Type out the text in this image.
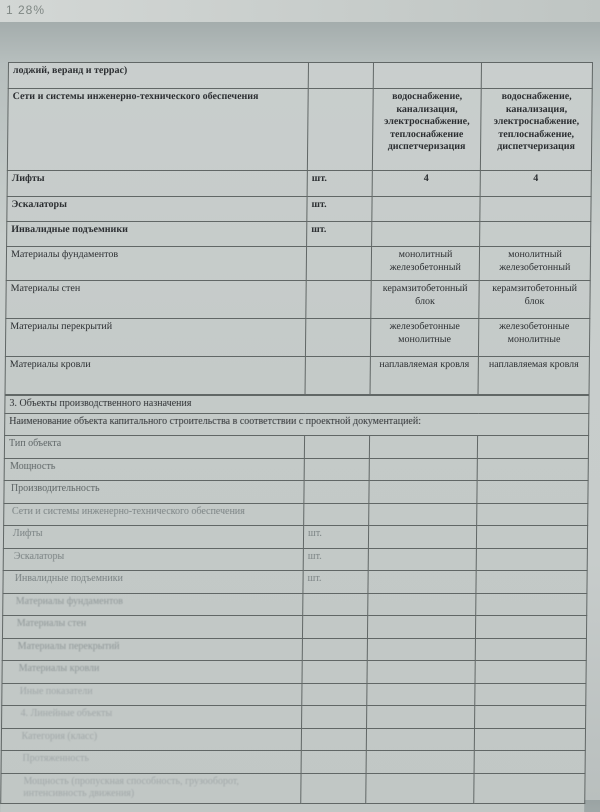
1 28%
лоджий, веранд и террас)			
Сети и системы инженерно-технического обеспечения		водоснабжение, канализация, электроснабжение, теплоснабжение диспетчеризация	водоснабжение, канализация, электроснабжение, теплоснабжение, диспетчеризация
Лифты	шт.	4	4
Эскалаторы	шт.		
Инвалидные подъемники	шт.		
Материалы фундаментов		монолитный железобетонный	монолитный железобетонный
Материалы стен		керамзитобетонный блок	керамзитобетонный блок
Материалы перекрытий		железобетонные монолитные	железобетонные монолитные
Материалы кровли		наплавляемая кровля	наплавляемая кровля
3. Объекты производственного назначения			
Наименование объекта капитального строительства в соответствии с проектной документацией:			
Тип объекта			
Мощность			
Производительность			
Сети и системы инженерно-технического обеспечения			
Лифты	шт.		
Эскалаторы	шт.		
Инвалидные подъемники	шт.		
Материалы фундаментов			
Материалы стен			
Материалы перекрытий			
Материалы кровли			
Иные показатели			
4. Линейные объекты			
Категория (класс)			
Протяженность			
Мощность (пропускная способность, грузооборот, интенсивность движения)			
